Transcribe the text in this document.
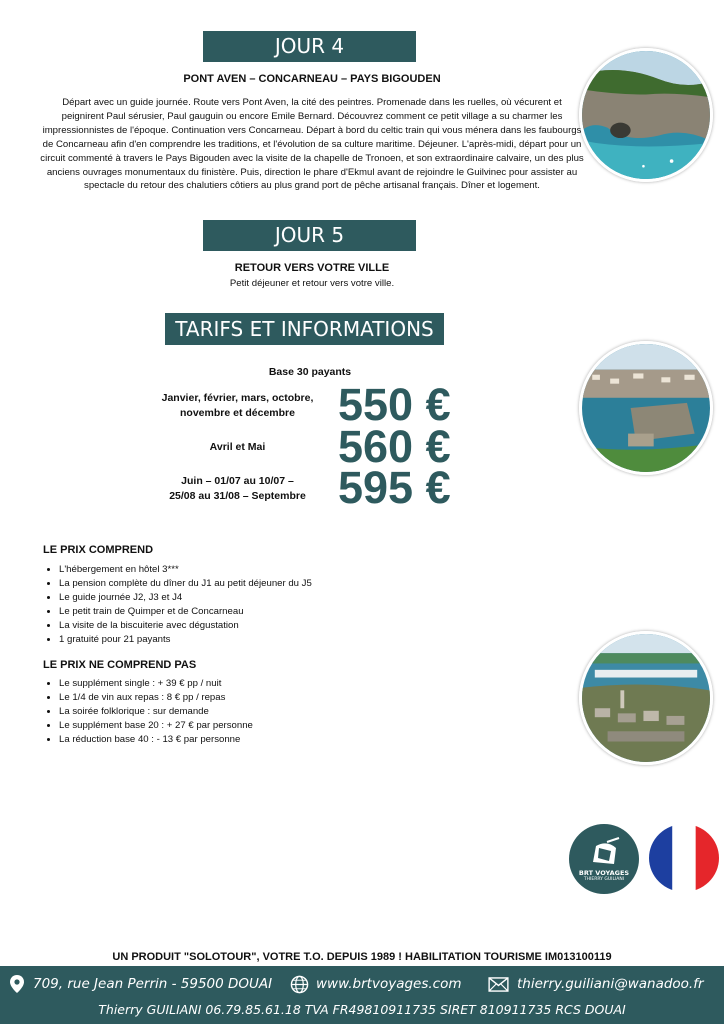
JOUR 4
PONT AVEN – CONCARNEAU – PAYS BIGOUDEN
Départ avec un guide journée. Route vers Pont Aven, la cité des peintres. Promenade dans les ruelles, où vécurent et peignirent Paul sérusier, Paul gauguin ou encore Emile Bernard. Découvrez comment ce petit village a su charmer les impressionnistes de l'époque. Continuation vers Concarneau. Départ à bord du celtic train qui vous ménera dans les faubourgs de Concarneau afin d'en comprendre les traditions, et l'évolution de sa culture maritime. Déjeuner. L'après-midi, départ pour un circuit commenté à travers le Pays Bigouden avec la visite de la chapelle de Tronoen, et son extraordinaire calvaire, un des plus anciens ouvrages monumentaux du finistère. Puis, direction le phare d'Ekmul avant de rejoindre le Guilvinec pour assister au spectacle du retour des chalutiers côtiers au plus grand port de pêche artisanal français. Dîner et logement.
JOUR 5
RETOUR VERS VOTRE VILLE
Petit déjeuner et retour vers votre ville.
TARIFS ET INFORMATIONS
Base 30 payants
Janvier, février, mars, octobre,
novembre et décembre 550 €
Avril et Mai	560 €
Juin – 01/07 au 10/07 –
25/08 au 31/08 – Septembre 595 €
LE PRIX COMPREND
• L'hébergement en hôtel 3***
• La pension complète du dîner du J1 au petit déjeuner du J5
• Le guide journée J2, J3 et J4
• Le petit train de Quimper et de Concarneau
• La visite de la biscuiterie avec dégustation
• 1 gratuité pour 21 payants
LE PRIX NE COMPREND PAS
• Le supplément single : + 39 € pp / nuit
• Le 1/4 de vin aux repas : 8 € pp / repas
• La soirée folklorique : sur demande
• Le supplément base 20 : + 27 € par personne
• La réduction base 40 : - 13 € par personne
BRT VOYAGES
THIERRY GUILIANI
UN PRODUIT "SOLOTOUR", VOTRE T.O. DEPUIS 1989 ! HABILITATION TOURISME IM013100119
709, rue Jean Perrin - 59500 DOUAI	www.brtvoyages.com	thierry.guiliani@wanadoo.fr
Thierry GUILIANI 06.79.85.61.18 TVA FR49810911735 SIRET 810911735 RCS DOUAI
